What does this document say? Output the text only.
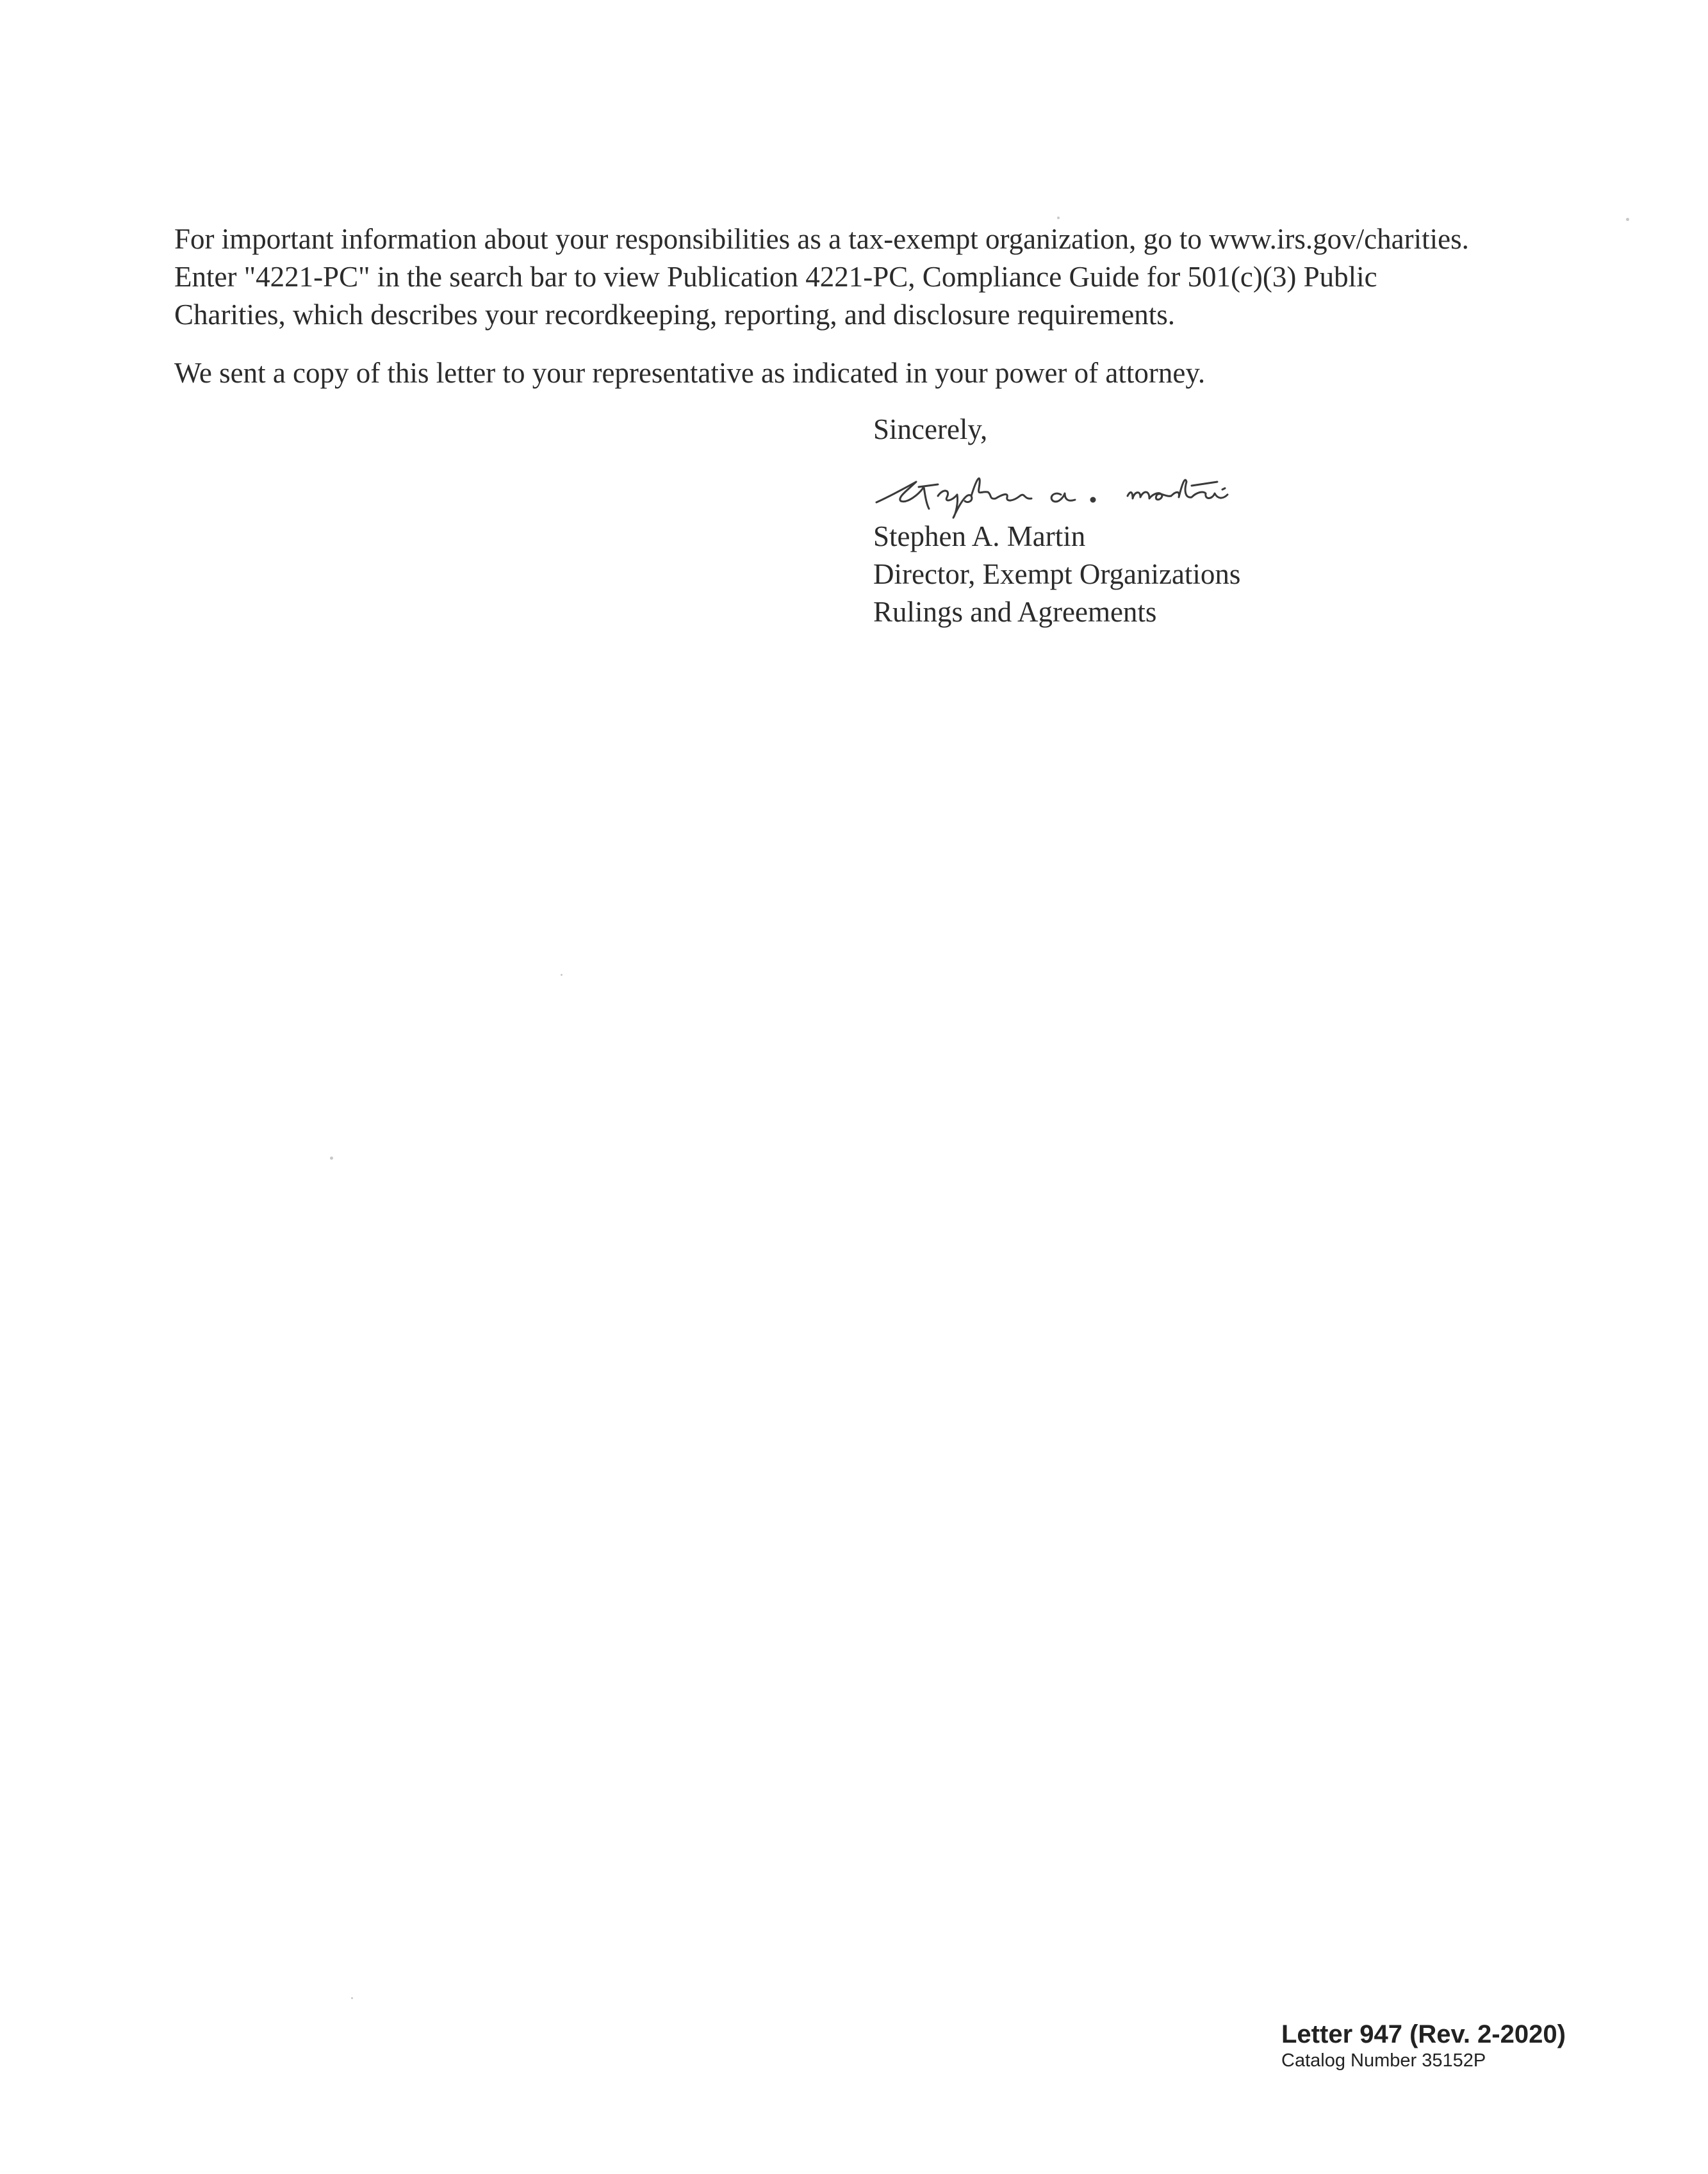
For important information about your responsibilities as a tax-exempt organization, go to www.irs.gov/charities.
Enter "4221-PC" in the search bar to view Publication 4221-PC, Compliance Guide for 501(c)(3) Public
Charities, which describes your recordkeeping, reporting, and disclosure requirements.

We sent a copy of this letter to your representative as indicated in your power of attorney.

Sincerely,

Stephen A. Martin

Director, Exempt Organizations

Rulings and Agreements

Letter 947 (Rev. 2-2020)
Catalog Number 35152P
